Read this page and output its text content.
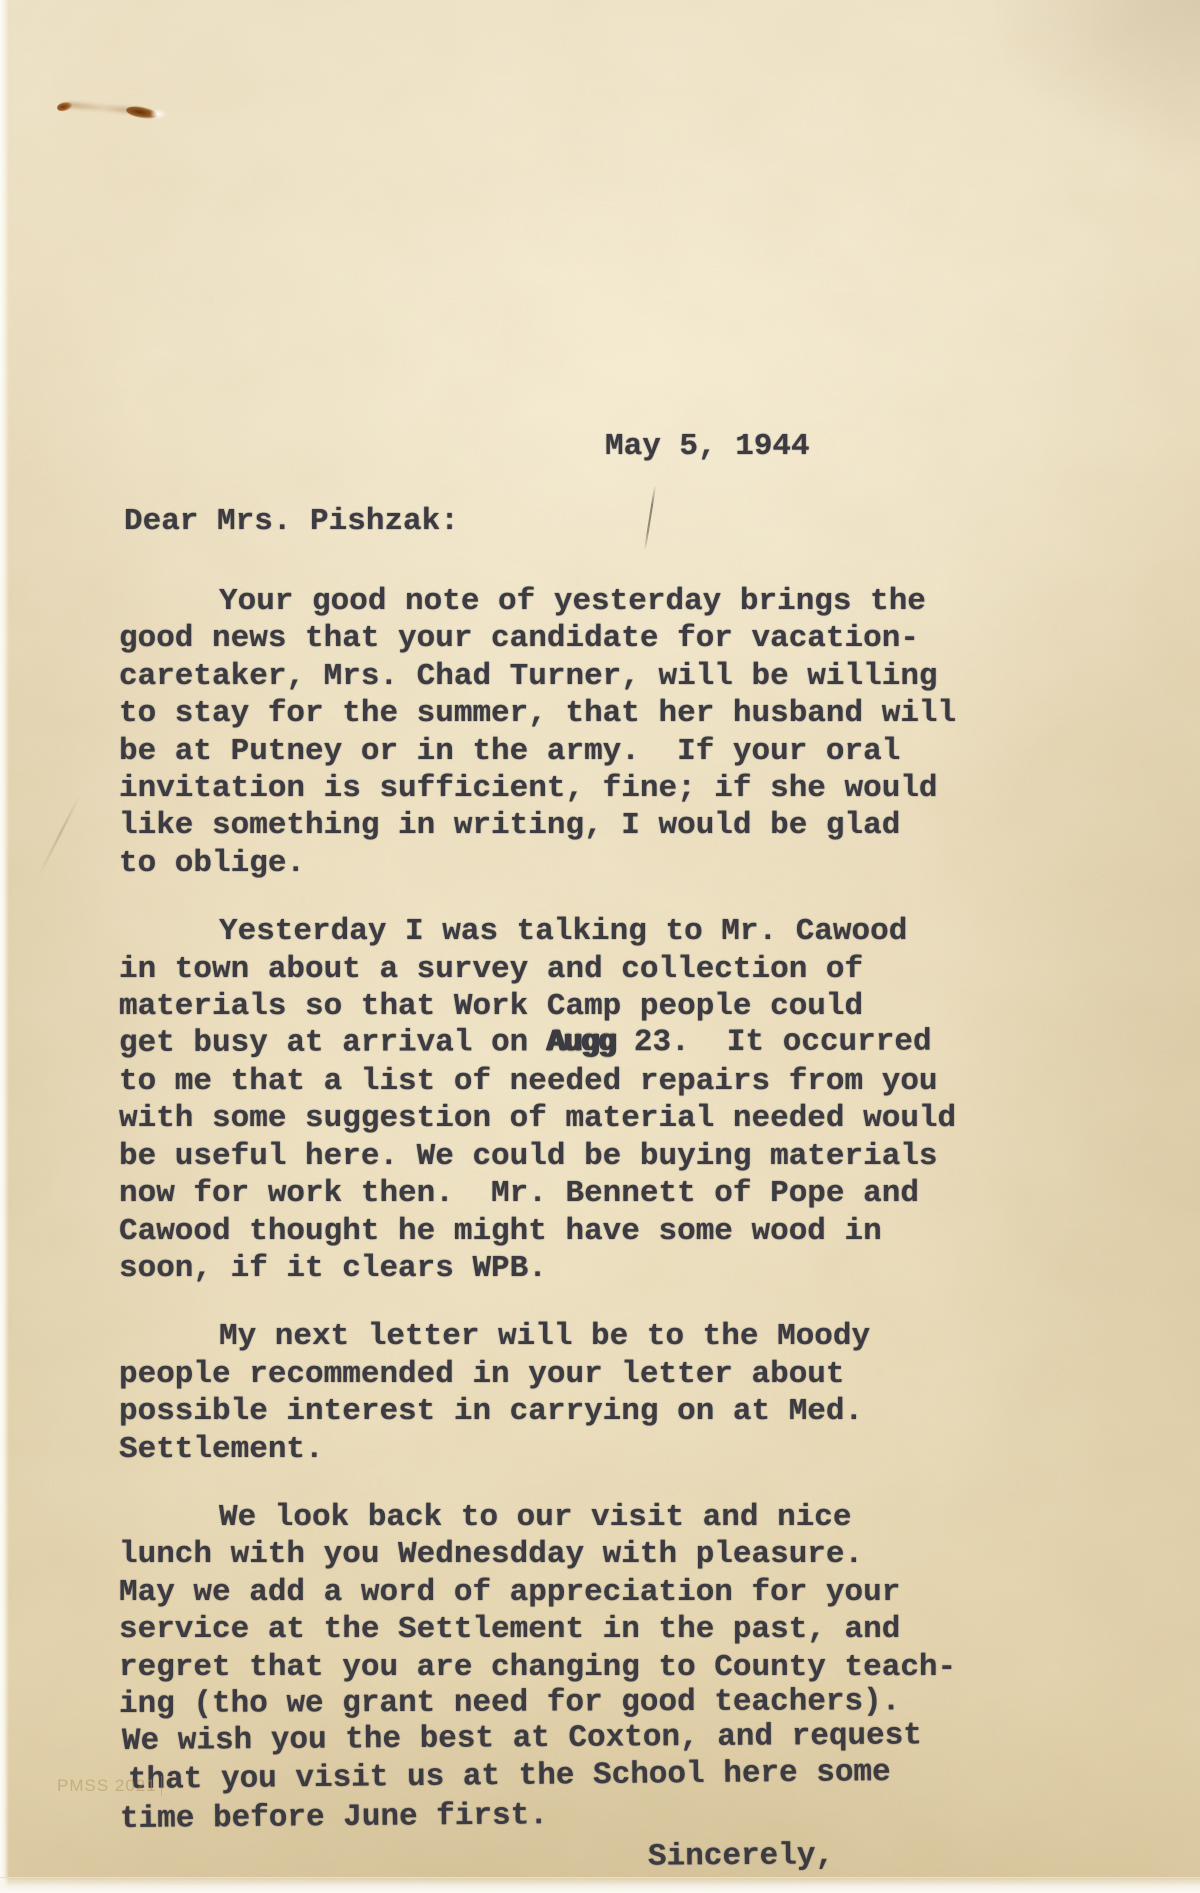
May 5, 1944
Dear Mrs. Pishzak:
Your good note of yesterday brings the
good news that your candidate for vacation-
caretaker, Mrs. Chad Turner, will be willing
to stay for the summer, that her husband will
be at Putney or in the army.  If your oral
invitation is sufficient, fine; if she would
like something in writing, I would be glad
to oblige.
Yesterday I was talking to Mr. Cawood
in town about a survey and collection of
materials so that Work Camp people could
get busy at arrival on Augg 23.  It occurred
to me that a list of needed repairs from you
with some suggestion of material needed would
be useful here. We could be buying materials
now for work then.  Mr. Bennett of Pope and
Cawood thought he might have some wood in
soon, if it clears WPB.
My next letter will be to the Moody
people recommended in your letter about
possible interest in carrying on at Med.
Settlement.
We look back to our visit and nice
lunch with you Wednesdday with pleasure.
May we add a word of appreciation for your
service at the Settlement in the past, and
regret that you are changing to County teach-
ing (tho we grant need for good teachers).
We wish you the best at Coxton, and request
that you visit us at the School here some
time before June first.
Sincerely,
PMSS 2021
